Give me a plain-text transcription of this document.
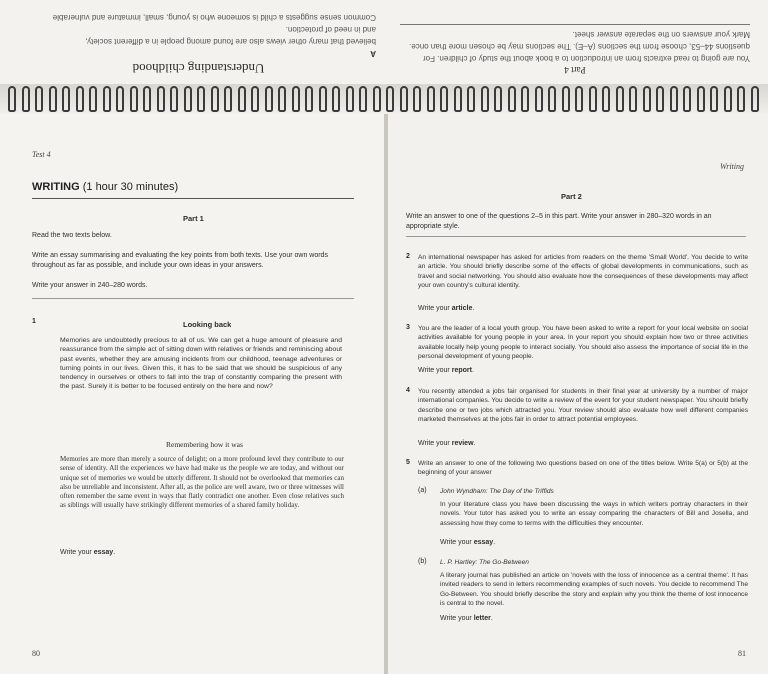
Part 4

You are going to read extracts from an introduction to a book about the study of children. For

questions 44–53, choose from the sections (A–E). The sections may be chosen more than once.

Mark your answers on the separate answer sheet.

Understanding childhood

A

believed that many other views also are found among people in a different society,

and in need of protection.

Common sense suggests a child is someone who is young, small, immature and vulnerable

Test 4
WRITING (1 hour 30 minutes)
Part 1
Read the two texts below.
Write an essay summarising and evaluating the key points from both texts. Use your own words throughout as far as possible, and include your own ideas in your answers.
Write your answer in 240–280 words.
1	Looking back
Memories are undoubtedly precious to all of us. We can get a huge amount of pleasure and reassurance from the simple act of sitting down with relatives or friends and reminiscing about past events, whether they are amusing incidents from our childhood, teenage adventures or turning points in our lives. Given this, it has to be said that we should be suspicious of any tendency in ourselves or others to fall into the trap of constantly comparing the present with the past. Surely it is better to be focused entirely on the here and now?
Remembering how it was
Memories are more than merely a source of delight; on a more profound level they contribute to our sense of identity. All the experiences we have had make us the people we are today, and without our unique set of memories we would be utterly different. It should not be overlooked that memories can also be unreliable and inconsistent. After all, as the police are well aware, two or three witnesses will often remember the same event in ways that flatly contradict one another. Even close relatives such as siblings will usually have strikingly different memories of a shared family holiday.
Write your essay.
80
Writing
Part 2
Write an answer to one of the questions 2–5 in this part. Write your answer in 280–320 words in an appropriate style.
2 An international newspaper has asked for articles from readers on the theme 'Small World'. You decide to write an article. You should briefly describe some of the effects of global developments in communications, such as travel and social networking. You should also evaluate how the consequences of these developments may affect your own country's cultural identity.
Write your article.
3 You are the leader of a local youth group. You have been asked to write a report for your local website on social activities available for young people in your area. In your report you should explain how two or three activities available locally help young people to interact socially. You should also assess the importance of social life in the personal development of young people.
Write your report.
4 You recently attended a jobs fair organised for students in their final year at university by a number of major international companies. You decide to write a review of the event for your student newspaper. You should briefly describe one or two jobs which attracted you. Your review should also evaluate how well different companies marketed themselves at the jobs fair in order to attract potential employees.
Write your review.
5 Write an answer to one of the following two questions based on one of the titles below. Write 5(a) or 5(b) at the beginning of your answer
(a) John Wyndham: The Day of the Triffids
In your literature class you have been discussing the ways in which writers portray characters in their novels. Your tutor has asked you to write an essay comparing the characters of Bill and Josella, and assessing how they come to terms with the difficulties they encounter.
Write your essay.
(b) L. P. Hartley: The Go-Between
A literary journal has published an article on 'novels with the loss of innocence as a central theme'. It has invited readers to send in letters recommending examples of such novels. You decide to recommend The Go-Between. You should briefly describe the story and explain why you think the theme of lost innocence is central to the novel.
Write your letter.
81
